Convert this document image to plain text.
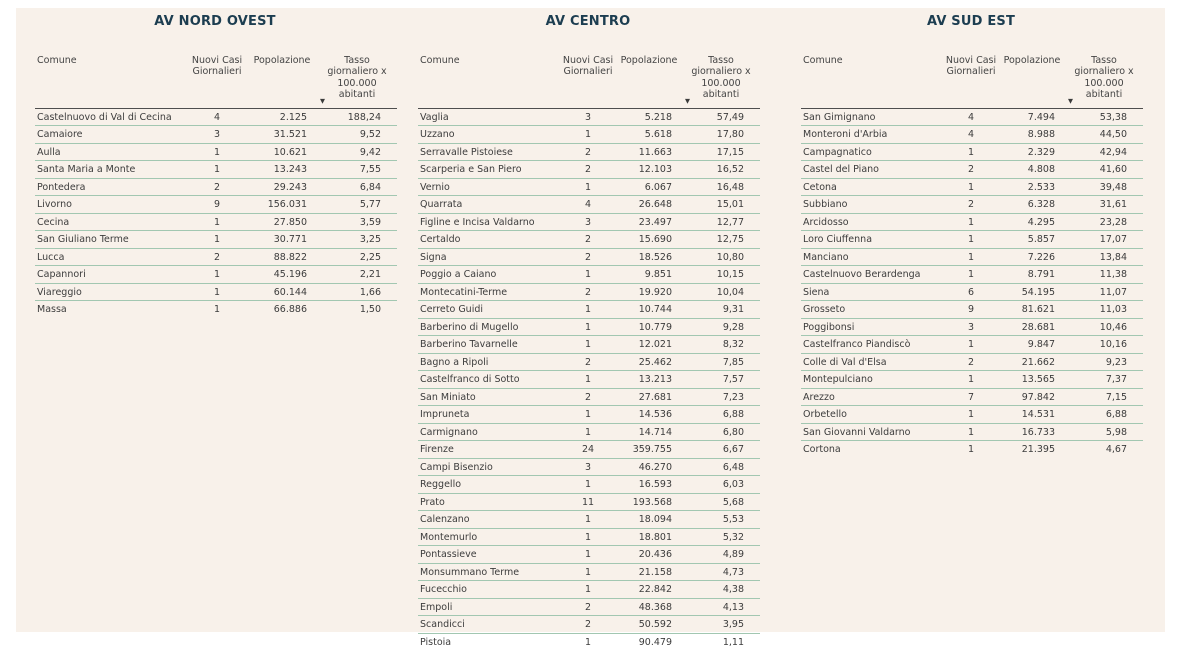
AV NORD OVEST
Comune	Nuovi Casi Giornalieri	Popolazione	Tasso giornaliero x 100.000 abitanti
▼

Castelnuovo di Val di Cecina	4	2.125	188,24
Camaiore	3	31.521	9,52
Aulla	1	10.621	9,42
Santa Maria a Monte	1	13.243	7,55
Pontedera	2	29.243	6,84
Livorno	9	156.031	5,77
Cecina	1	27.850	3,59
San Giuliano Terme	1	30.771	3,25
Lucca	2	88.822	2,25
Capannori	1	45.196	2,21
Viareggio	1	60.144	1,66
Massa	1	66.886	1,50
AV CENTRO
Comune	Nuovi Casi Giornalieri	Popolazione	Tasso giornaliero x 100.000 abitanti
▼

Vaglia	3	5.218	57,49
Uzzano	1	5.618	17,80
Serravalle Pistoiese	2	11.663	17,15
Scarperia e San Piero	2	12.103	16,52
Vernio	1	6.067	16,48
Quarrata	4	26.648	15,01
Figline e Incisa Valdarno	3	23.497	12,77
Certaldo	2	15.690	12,75
Signa	2	18.526	10,80
Poggio a Caiano	1	9.851	10,15
Montecatini-Terme	2	19.920	10,04
Cerreto Guidi	1	10.744	9,31
Barberino di Mugello	1	10.779	9,28
Barberino Tavarnelle	1	12.021	8,32
Bagno a Ripoli	2	25.462	7,85
Castelfranco di Sotto	1	13.213	7,57
San Miniato	2	27.681	7,23
Impruneta	1	14.536	6,88
Carmignano	1	14.714	6,80
Firenze	24	359.755	6,67
Campi Bisenzio	3	46.270	6,48
Reggello	1	16.593	6,03
Prato	11	193.568	5,68
Calenzano	1	18.094	5,53
Montemurlo	1	18.801	5,32
Pontassieve	1	20.436	4,89
Monsummano Terme	1	21.158	4,73
Fucecchio	1	22.842	4,38
Empoli	2	48.368	4,13
Scandicci	2	50.592	3,95
Pistoia	1	90.479	1,11
AV SUD EST
Comune	Nuovi Casi Giornalieri	Popolazione	Tasso giornaliero x 100.000 abitanti
▼

San Gimignano	4	7.494	53,38
Monteroni d'Arbia	4	8.988	44,50
Campagnatico	1	2.329	42,94
Castel del Piano	2	4.808	41,60
Cetona	1	2.533	39,48
Subbiano	2	6.328	31,61
Arcidosso	1	4.295	23,28
Loro Ciuffenna	1	5.857	17,07
Manciano	1	7.226	13,84
Castelnuovo Berardenga	1	8.791	11,38
Siena	6	54.195	11,07
Grosseto	9	81.621	11,03
Poggibonsi	3	28.681	10,46
Castelfranco Piandiscò	1	9.847	10,16
Colle di Val d'Elsa	2	21.662	9,23
Montepulciano	1	13.565	7,37
Arezzo	7	97.842	7,15
Orbetello	1	14.531	6,88
San Giovanni Valdarno	1	16.733	5,98
Cortona	1	21.395	4,67
